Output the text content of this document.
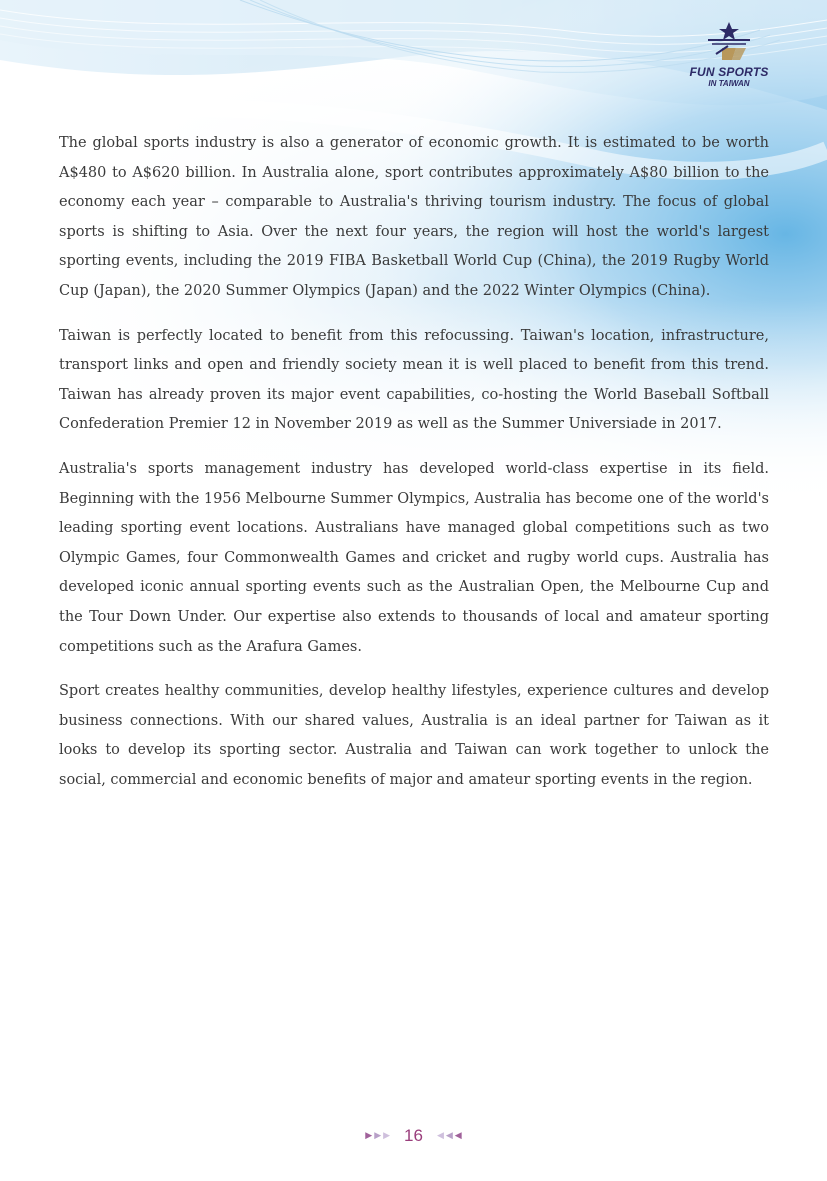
FUN SPORTS
IN TAIWAN

The global sports industry is also a generator of economic growth. It is estimated to be worth A$480 to A$620 billion. In Australia alone, sport contributes approximately A$80 billion to the economy each year – comparable to Australia's thriving tourism industry. The focus of global sports is shifting to Asia. Over the next four years, the region will host the world's largest sporting events, including the 2019 FIBA Basketball World Cup (China), the 2019 Rugby World Cup (Japan), the 2020 Summer Olympics (Japan) and the 2022 Winter Olympics (China).

Taiwan is perfectly located to benefit from this refocussing. Taiwan's location, infrastructure, transport links and open and friendly society mean it is well placed to benefit from this trend. Taiwan has already proven its major event capabilities, co-hosting the World Baseball Softball Confederation Premier 12 in November 2019 as well as the Summer Universiade in 2017.

Australia's sports management industry has developed world-class expertise in its field. Beginning with the 1956 Melbourne Summer Olympics, Australia has become one of the world's leading sporting event locations. Australians have managed global competitions such as two Olympic Games, four Commonwealth Games and cricket and rugby world cups. Australia has developed iconic annual sporting events such as the Australian Open, the Melbourne Cup and the Tour Down Under. Our expertise also extends to thousands of local and amateur sporting competitions such as the Arafura Games.

Sport creates healthy communities, develop healthy lifestyles, experience cultures and develop business connections. With our shared values, Australia is an ideal partner for Taiwan as it looks to develop its sporting sector. Australia and Taiwan can work together to unlock the social, commercial and economic benefits of major and amateur sporting events in the region.

▶ ▶ ▶ 16 ◀ ◀ ◀
